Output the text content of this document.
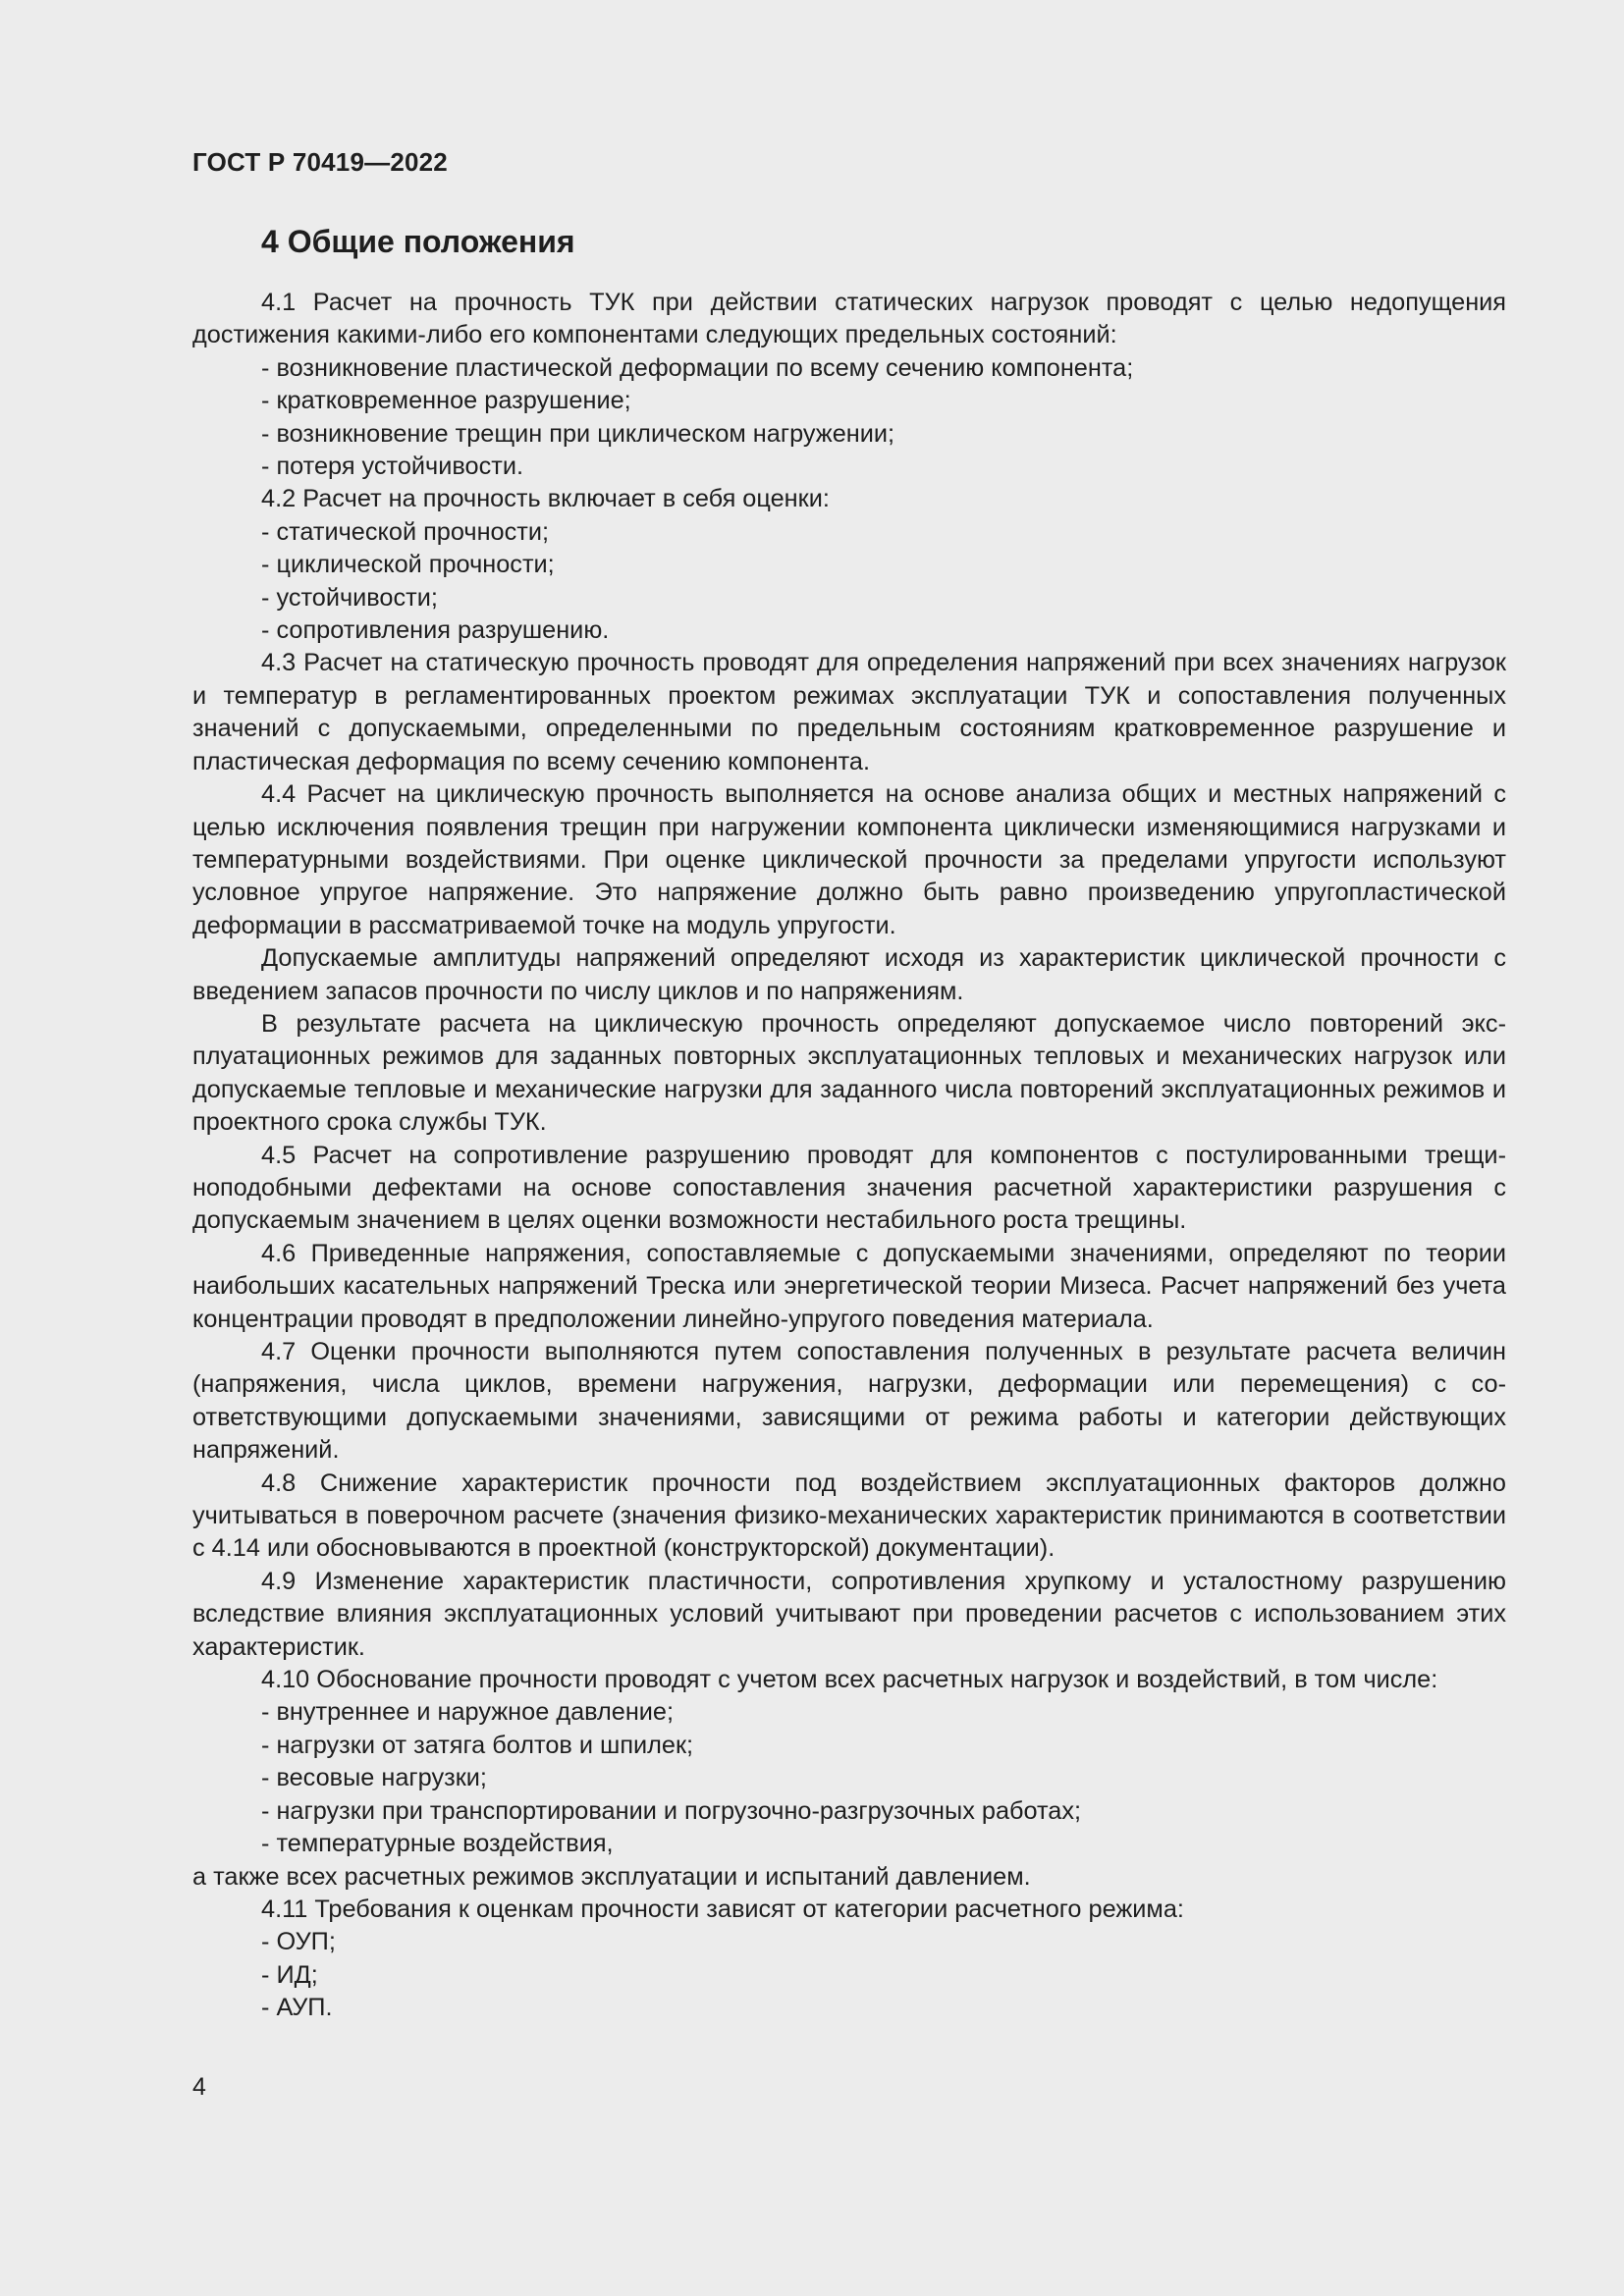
ГОСТ Р 70419—2022
4 Общие положения

4.1 Расчет на прочность ТУК при действии статических нагрузок проводят с целью недопущения достижения какими-либо его компонентами следующих предельных состояний:

- возникновение пластической деформации по всему сечению компонента;

- кратковременное разрушение;

- возникновение трещин при циклическом нагружении;

- потеря устойчивости.

4.2 Расчет на прочность включает в себя оценки:

- статической прочности;

- циклической прочности;

- устойчивости;

- сопротивления разрушению.

4.3 Расчет на статическую прочность проводят для определения напряжений при всех значениях нагрузок и температур в регламентированных проектом режимах эксплуатации ТУК и сопоставления полученных значений с допускаемыми, определенными по предельным состояниям кратковременное разрушение и пластическая деформация по всему сечению компонента.

4.4 Расчет на циклическую прочность выполняется на основе анализа общих и местных напряжений с целью исключения появления трещин при нагружении компонента циклически изменяющимися нагрузками и температурными воздействиями. При оценке циклической прочности за пределами упругости используют условное упругое напряжение. Это напряжение должно быть равно произведению упругопластической деформации в рассматриваемой точке на модуль упругости.

Допускаемые амплитуды напряжений определяют исходя из характеристик циклической прочности с введением запасов прочности по числу циклов и по напряжениям.

В результате расчета на циклическую прочность определяют допускаемое число повторений эксплуатационных режимов для заданных повторных эксплуатационных тепловых и механических нагрузок или допускаемые тепловые и механические нагрузки для заданного числа повторений эксплуатационных режимов и проектного срока службы ТУК.

4.5 Расчет на сопротивление разрушению проводят для компонентов с постулированными трещиноподобными дефектами на основе сопоставления значения расчетной характеристики разрушения с допускаемым значением в целях оценки возможности нестабильного роста трещины.

4.6 Приведенные напряжения, сопоставляемые с допускаемыми значениями, определяют по теории наибольших касательных напряжений Треска или энергетической теории Мизеса. Расчет напряжений без учета концентрации проводят в предположении линейно-упругого поведения материала.

4.7 Оценки прочности выполняются путем сопоставления полученных в результате расчета величин (напряжения, числа циклов, времени нагружения, нагрузки, деформации или перемещения) с соответствующими допускаемыми значениями, зависящими от режима работы и категории действующих напряжений.

4.8 Снижение характеристик прочности под воздействием эксплуатационных факторов должно учитываться в поверочном расчете (значения физико-механических характеристик принимаются в соответствии с 4.14 или обосновываются в проектной (конструкторской) документации).

4.9 Изменение характеристик пластичности, сопротивления хрупкому и усталостному разрушению вследствие влияния эксплуатационных условий учитывают при проведении расчетов с использованием этих характеристик.

4.10 Обоснование прочности проводят с учетом всех расчетных нагрузок и воздействий, в том числе:

- внутреннее и наружное давление;

- нагрузки от затяга болтов и шпилек;

- весовые нагрузки;

- нагрузки при транспортировании и погрузочно-разгрузочных работах;

- температурные воздействия,

а также всех расчетных режимов эксплуатации и испытаний давлением.

4.11 Требования к оценкам прочности зависят от категории расчетного режима:

- ОУП;

- ИД;

- АУП.

4
